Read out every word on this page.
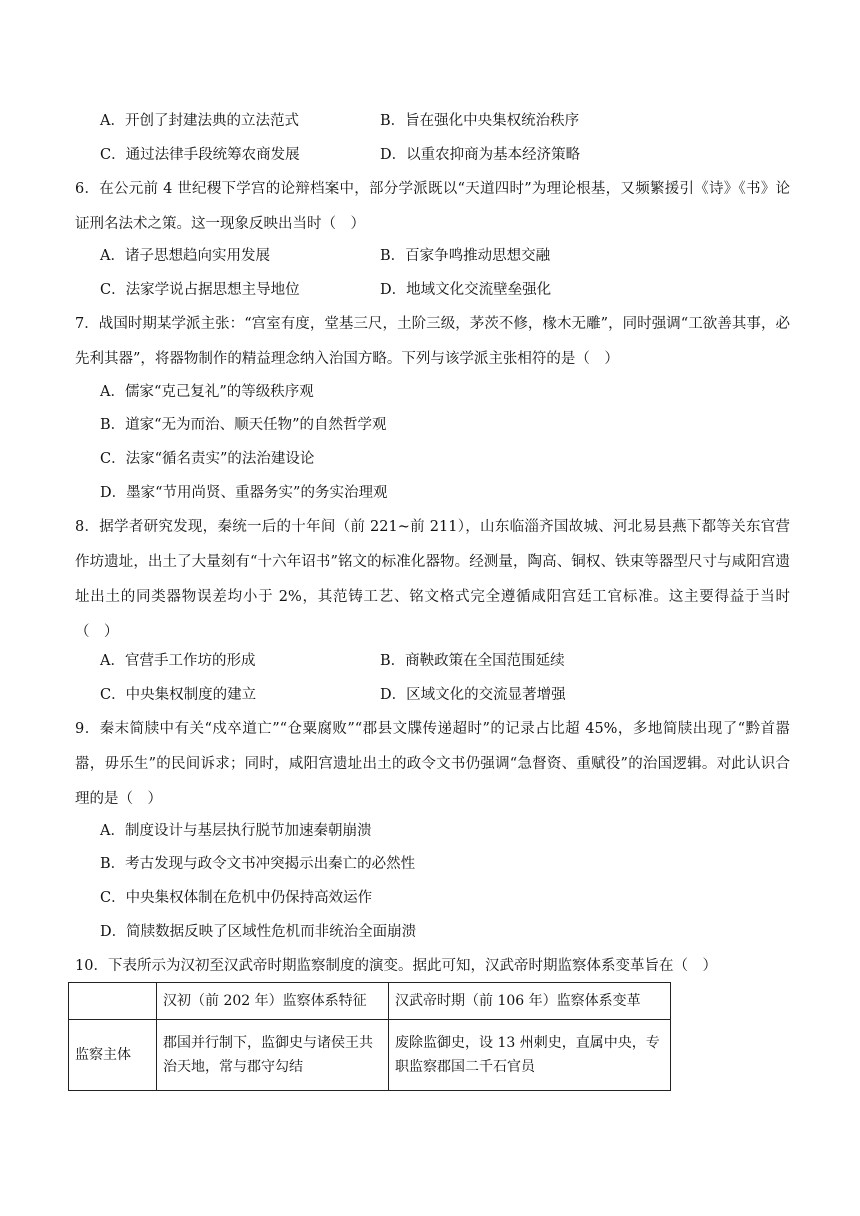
A．开创了封建法典的立法范式	B．旨在强化中央集权统治秩序
C．通过法律手段统筹农商发展	D．以重农抑商为基本经济策略

6．在公元前 4 世纪稷下学宫的论辩档案中，部分学派既以“天道四时”为理论根基，又频繁援引《诗》《书》论证刑名法术之策。这一现象反映出当时（　）

A．诸子思想趋向实用发展	B．百家争鸣推动思想交融
C．法家学说占据思想主导地位	D．地域文化交流壁垒强化

7．战国时期某学派主张：“宫室有度，堂基三尺，土阶三级，茅茨不修，椽木无雕”，同时强调“工欲善其事，必先利其器”，将器物制作的精益理念纳入治国方略。下列与该学派主张相符的是（　）

A．儒家“克己复礼”的等级秩序观
B．道家“无为而治、顺天任物”的自然哲学观
C．法家“循名责实”的法治建设论
D．墨家“节用尚贤、重器务实”的务实治理观

8．据学者研究发现，秦统一后的十年间（前 221~前 211），山东临淄齐国故城、河北易县燕下都等关东官营作坊遗址，出土了大量刻有“十六年诏书”铭文的标准化器物。经测量，陶高、铜权、铁束等器型尺寸与咸阳宫遗址出土的同类器物误差均小于 2%，其范铸工艺、铭文格式完全遵循咸阳宫廷工官标准。这主要得益于当时（　）

A．官营手工作坊的形成	B．商鞅政策在全国范围延续
C．中央集权制度的建立	D．区域文化的交流显著增强

9．秦末简牍中有关“戍卒道亡”“仓粟腐败”“郡县文牒传递超时”的记录占比超 45%，多地简牍出现了“黔首嚣嚣，毋乐生”的民间诉求；同时，咸阳宫遗址出土的政令文书仍强调“急督资、重赋役”的治国逻辑。对此认识合理的是（　）

A．制度设计与基层执行脱节加速秦朝崩溃
B．考古发现与政令文书冲突揭示出秦亡的必然性
C．中央集权体制在危机中仍保持高效运作
D．简牍数据反映了区域性危机而非统治全面崩溃

10．下表所示为汉初至汉武帝时期监察制度的演变。据此可知，汉武帝时期监察体系变革旨在（　）

	汉初（前 202 年）监察体系特征	汉武帝时期（前 106 年）监察体系变革
监察主体	郡国并行制下，监御史与诸侯王共治天地，常与郡守勾结	废除监御史，设 13 州刺史，直属中央，专职监察郡国二千石官员
